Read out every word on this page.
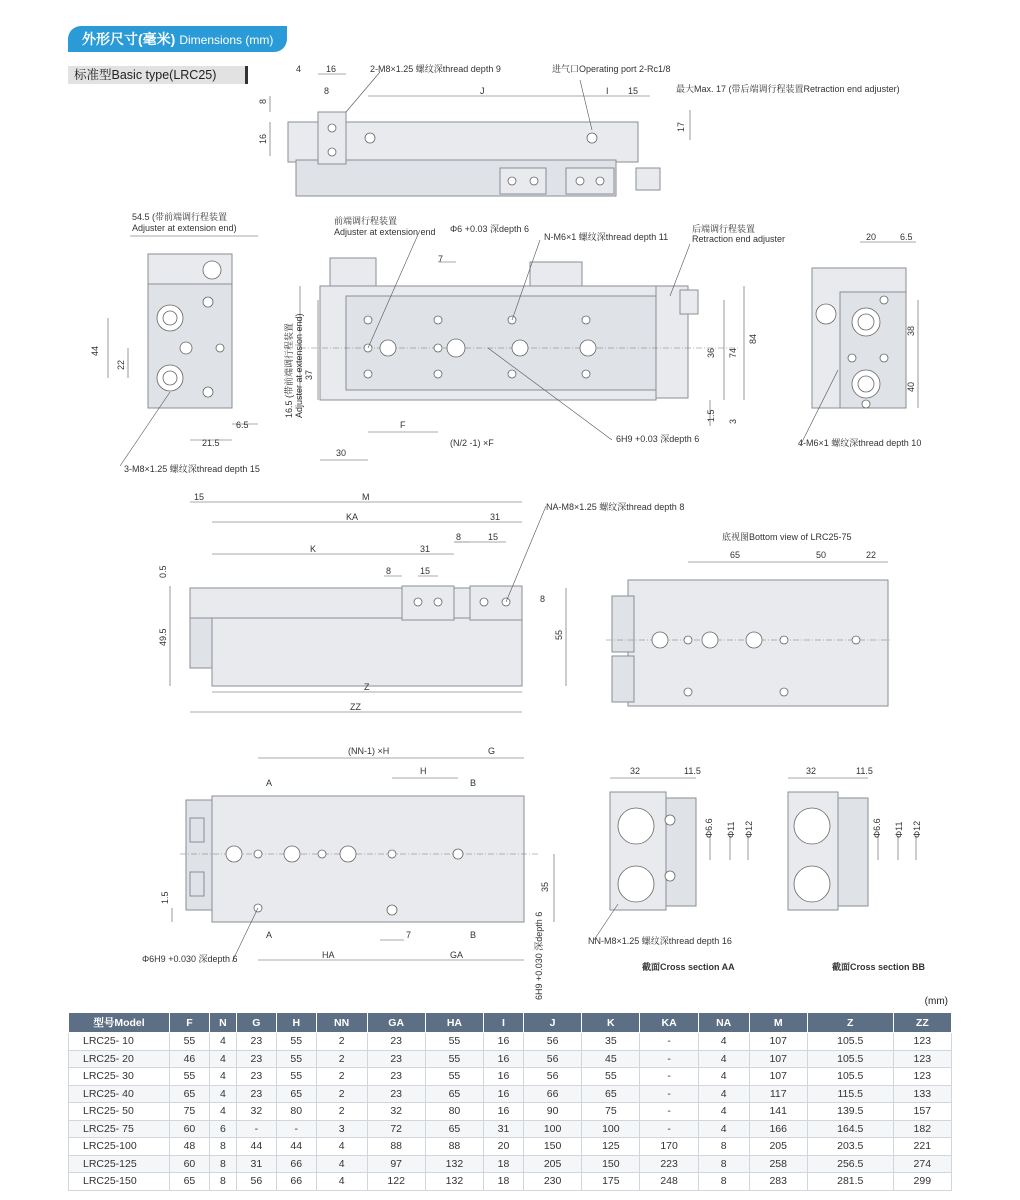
外形尺寸(毫米) Dimensions (mm)
标准型Basic type(LRC25)	4	16
8	J	I 15
17
8
16
2-M8×1.25 螺纹深thread depth 9	进气口Operating port 2-Rc1/8
最大Max. 17 (带后端调行程装置Retraction end adjuster)
44
22
21.5
6.5
54.5 (带前端调行程装置
Adjuster at extension end)
3-M8×1.25 螺纹深thread depth 15
7
37
36 74
84
1.5 3
F
30
(N/2 -1) ×F
16.5 (带前端调行程装置 Adjuster at extension end)
前端调行程装置
Adjuster at extension end Φ6 +0.03 深depth 6
N-M6×1 螺纹深thread depth 11
后端调行程装置
Retraction end adjuster
6H9 +0.03 深depth 6
20	6.5
38
40
4-M6×1 螺纹深thread depth 10
15	M
KA	31
K	31
8	15
8	15
8
Z
ZZ
0.5
49.5	55
NA-M8×1.25 螺纹深thread depth 8
底视图Bottom view of LRC25-75
65	50	22
(NN-1) ×H	G
H
A	B
A	B
7
HA	GA
35
1.5
Φ6H9 +0.030 深depth 6	6H9 +0.030 深depth 6
32	11.5
Φ6.6 Φ11 Φ12
NN-M8×1.25 螺纹深thread depth 16
截面Cross section AA
32	11.5
Φ6.6 Φ11 Φ12
截面Cross section BB
(mm)
型号Model	F	N	G	H	NN	GA	HA	I	J	K	KA	NA	M	Z	ZZ
LRC25- 10	55	4	23	55	2	23	55	16	56	35	-	4	107	105.5	123
LRC25- 20	46	4	23	55	2	23	55	16	56	45	-	4	107	105.5	123
LRC25- 30	55	4	23	55	2	23	55	16	56	55	-	4	107	105.5	123
LRC25- 40	65	4	23	65	2	23	65	16	66	65	-	4	117	115.5	133
LRC25- 50	75	4	32	80	2	32	80	16	90	75	-	4	141	139.5	157
LRC25- 75	60	6	-	-	3	72	65	31	100	100	-	4	166	164.5	182
LRC25-100	48	8	44	44	4	88	88	20	150	125	170	8	205	203.5	221
LRC25-125	60	8	31	66	4	97	132	18	205	150	223	8	258	256.5	274
LRC25-150	65	8	56	66	4	122	132	18	230	175	248	8	283	281.5	299
